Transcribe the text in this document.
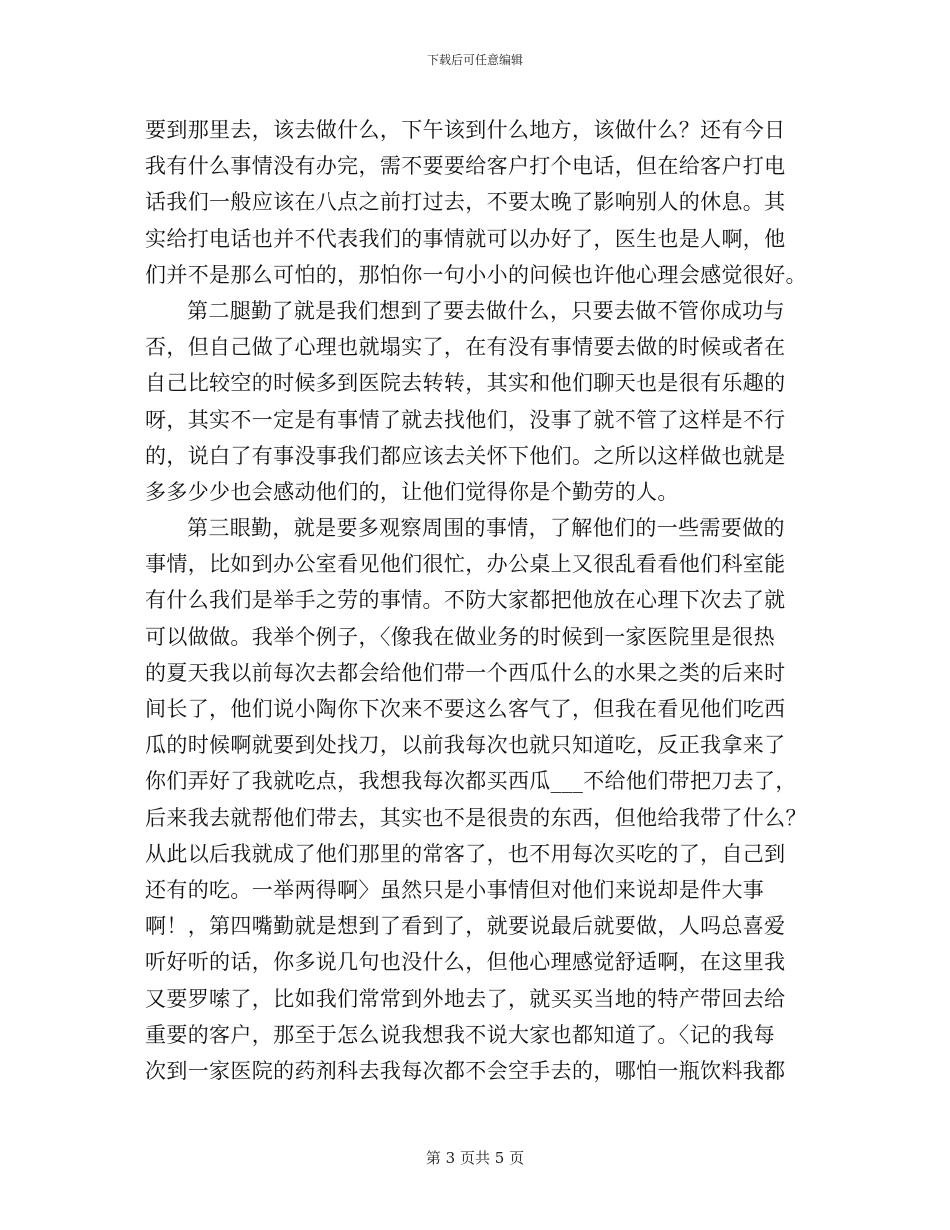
下载后可任意编辑
要到那里去，该去做什么，下午该到什么地方，该做什么？还有今日
我有什么事情没有办完，需不要要给客户打个电话，但在给客户打电
话我们一般应该在八点之前打过去，不要太晚了影响别人的休息。其
实给打电话也并不代表我们的事情就可以办好了，医生也是人啊，他
们并不是那么可怕的，那怕你一句小小的问候也许他心理会感觉很好。
第二腿勤了就是我们想到了要去做什么，只要去做不管你成功与
否，但自己做了心理也就塌实了，在有没有事情要去做的时候或者在
自己比较空的时候多到医院去转转，其实和他们聊天也是很有乐趣的
呀，其实不一定是有事情了就去找他们，没事了就不管了这样是不行
的，说白了有事没事我们都应该去关怀下他们。之所以这样做也就是
多多少少也会感动他们的，让他们觉得你是个勤劳的人。
第三眼勤，就是要多观察周围的事情，了解他们的一些需要做的
事情，比如到办公室看见他们很忙，办公桌上又很乱看看他们科室能
有什么我们是举手之劳的事情。不防大家都把他放在心理下次去了就
可以做做。我举个例子，〈像我在做业务的时候到一家医院里是很热
的夏天我以前每次去都会给他们带一个西瓜什么的水果之类的后来时
间长了，他们说小陶你下次来不要这么客气了，但我在看见他们吃西
瓜的时候啊就要到处找刀，以前我每次也就只知道吃，反正我拿来了
你们弄好了我就吃点，我想我每次都买西瓜___不给他们带把刀去了，
后来我去就帮他们带去，其实也不是很贵的东西，但他给我带了什么？
从此以后我就成了他们那里的常客了，也不用每次买吃的了，自己到
还有的吃。一举两得啊〉虽然只是小事情但对他们来说却是件大事
啊！，第四嘴勤就是想到了看到了，就要说最后就要做，人吗总喜爱
听好听的话，你多说几句也没什么，但他心理感觉舒适啊，在这里我
又要罗嗦了，比如我们常常到外地去了，就买买当地的特产带回去给
重要的客户，那至于怎么说我想我不说大家也都知道了。〈记的我每
次到一家医院的药剂科去我每次都不会空手去的，哪怕一瓶饮料我都
第 3 页共 5 页
